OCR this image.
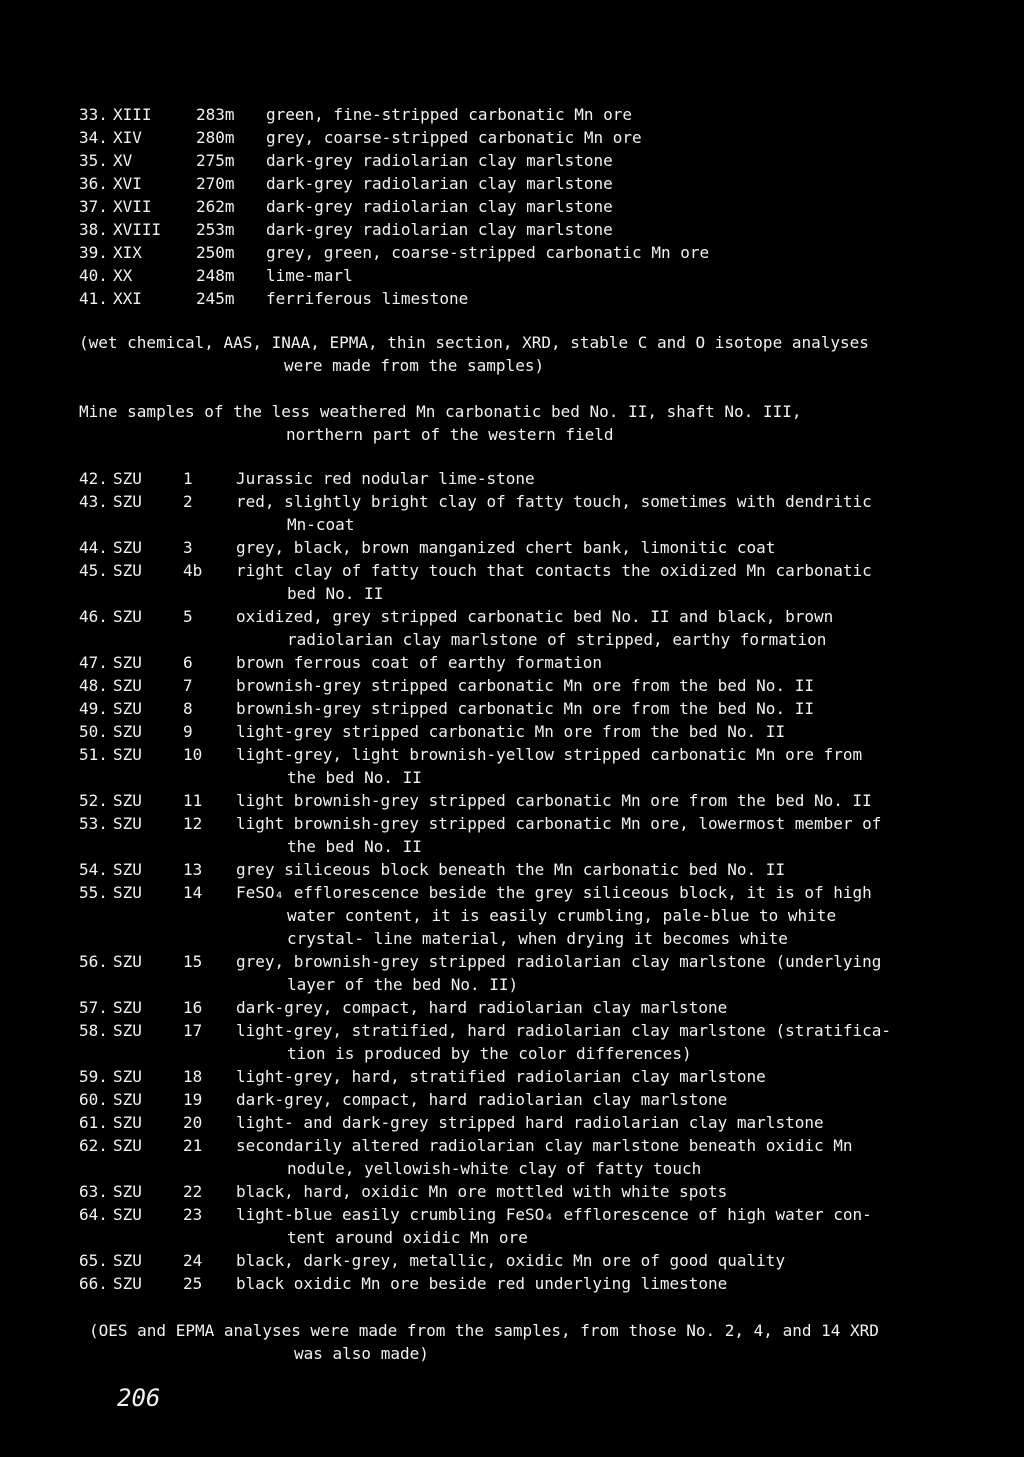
33. XIII	283m green, fine-stripped carbonatic Mn ore
34. XIV	280m grey, coarse-stripped carbonatic Mn ore
35. XV	275m dark-grey radiolarian clay marlstone
36. XVI	270m dark-grey radiolarian clay marlstone
37. XVII	262m dark-grey radiolarian clay marlstone
38. XVIII 253m dark-grey radiolarian clay marlstone
39. XIX	250m grey, green, coarse-stripped carbonatic Mn ore
40. XX	248m lime-marl
41. XXI	245m ferriferous limestone
(wet chemical, AAS, INAA, EPMA, thin section, XRD, stable C and O isotope analyses
were made from the samples)
Mine samples of the less weathered Mn carbonatic bed No. II, shaft No. III,
northern part of the western field
42. SZU	1	Jurassic red nodular lime-stone
43. SZU	2	red, slightly bright clay of fatty touch, sometimes with dendritic
Mn-coat
44. SZU	3	grey, black, brown manganized chert bank, limonitic coat
45. SZU	4b right clay of fatty touch that contacts the oxidized Mn carbonatic
bed No. II
46. SZU	5	oxidized, grey stripped carbonatic bed No. II and black, brown
radiolarian clay marlstone of stripped, earthy formation
47. SZU	6	brown ferrous coat of earthy formation
48. SZU	7	brownish-grey stripped carbonatic Mn ore from the bed No. II
49. SZU	8	brownish-grey stripped carbonatic Mn ore from the bed No. II
50. SZU	9	light-grey stripped carbonatic Mn ore from the bed No. II
51. SZU	10 light-grey, light brownish-yellow stripped carbonatic Mn ore from
the bed No. II
52. SZU	11 light brownish-grey stripped carbonatic Mn ore from the bed No. II
53. SZU	12 light brownish-grey stripped carbonatic Mn ore, lowermost member of
the bed No. II
54. SZU	13 grey siliceous block beneath the Mn carbonatic bed No. II
55. SZU	14 FeSO₄ efflorescence beside the grey siliceous block, it is of high
water content, it is easily crumbling, pale-blue to white
crystal- line material, when drying it becomes white
56. SZU	15 grey, brownish-grey stripped radiolarian clay marlstone (underlying
layer of the bed No. II)
57. SZU	16 dark-grey, compact, hard radiolarian clay marlstone
58. SZU	17 light-grey, stratified, hard radiolarian clay marlstone (stratifica-
tion is produced by the color differences)
59. SZU	18 light-grey, hard, stratified radiolarian clay marlstone
60. SZU	19 dark-grey, compact, hard radiolarian clay marlstone
61. SZU	20 light- and dark-grey stripped hard radiolarian clay marlstone
62. SZU	21 secondarily altered radiolarian clay marlstone beneath oxidic Mn
nodule, yellowish-white clay of fatty touch
63. SZU	22 black, hard, oxidic Mn ore mottled with white spots
64. SZU	23 light-blue easily crumbling FeSO₄ efflorescence of high water con-
tent around oxidic Mn ore
65. SZU	24 black, dark-grey, metallic, oxidic Mn ore of good quality
66. SZU	25 black oxidic Mn ore beside red underlying limestone
(OES and EPMA analyses were made from the samples, from those No. 2, 4, and 14 XRD
was also made)
206
